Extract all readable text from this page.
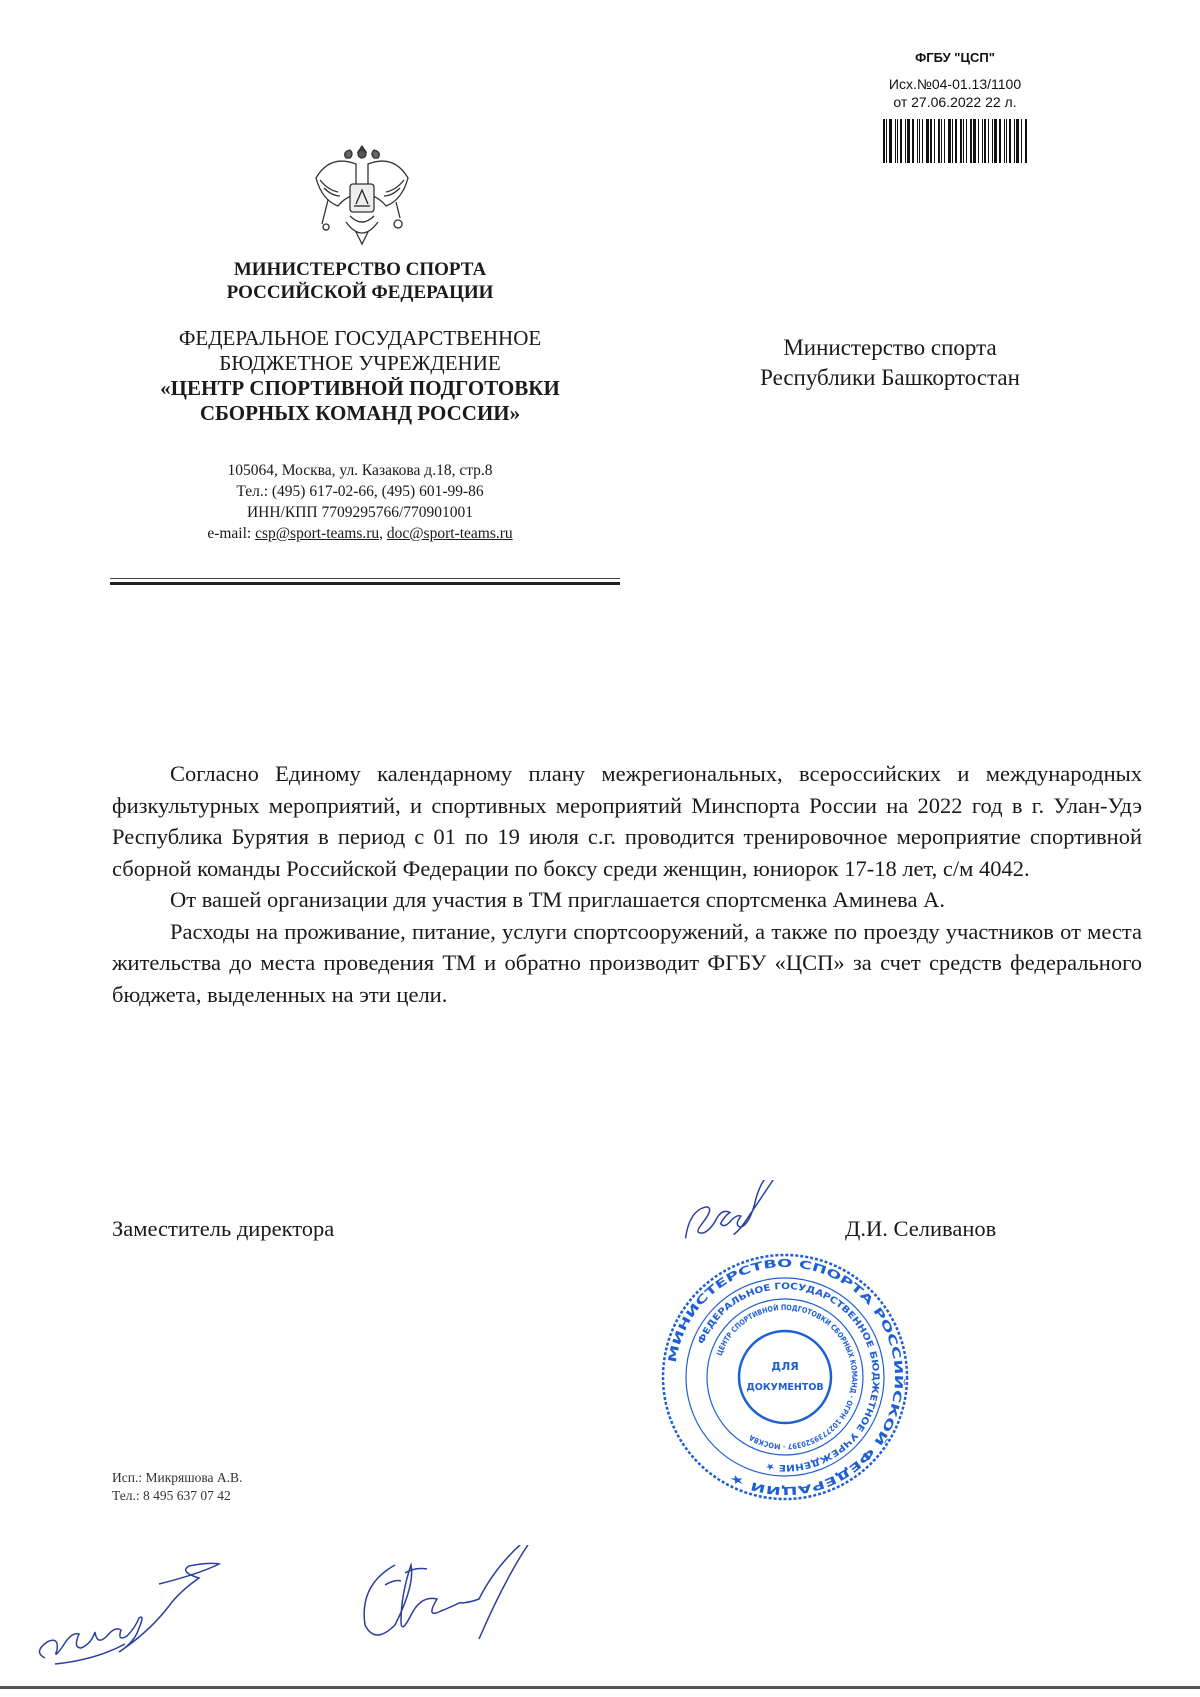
ФГБУ "ЦСП"
Исх.№04-01.13/1100
от 27.06.2022 22 л.
МИНИСТЕРСТВО СПОРТА
РОССИЙСКОЙ ФЕДЕРАЦИИ
ФЕДЕРАЛЬНОЕ ГОСУДАРСТВЕННОЕ
БЮДЖЕТНОЕ УЧРЕЖДЕНИЕ
«ЦЕНТР СПОРТИВНОЙ ПОДГОТОВКИ
СБОРНЫХ КОМАНД РОССИИ»
105064, Москва, ул. Казакова д.18, стр.8
Тел.: (495) 617-02-66, (495) 601-99-86
ИНН/КПП 7709295766/770901001
e-mail: csp@sport-teams.ru, doc@sport-teams.ru
Министерство спорта
Республики Башкортостан

Согласно Единому календарному плану межрегиональных, всероссийских и международных физкультурных мероприятий, и спортивных мероприятий Минспорта России на 2022 год в г. Улан-Удэ Республика Бурятия в период с 01 по 19 июля с.г. проводится тренировочное мероприятие спортивной сборной команды Российской Федерации по боксу среди женщин, юниорок 17-18 лет, с/м 4042.

От вашей организации для участия в ТМ приглашается спортсменка Аминева А.

Расходы на проживание, питание, услуги спортсооружений, а также по проезду участников от места жительства до места проведения ТМ и обратно производит ФГБУ «ЦСП» за счет средств федерального бюджета, выделенных на эти цели.

Заместитель директора
МИНИСТЕРСТВО СПОРТА РОССИЙСКОЙ ФЕДЕРАЦИИ ★
ФЕДЕРАЛЬНОЕ ГОСУДАРСТВЕННОЕ БЮДЖЕТНОЕ УЧРЕЖДЕНИЕ ★
ЦЕНТР СПОРТИВНОЙ ПОДГОТОВКИ СБОРНЫХ КОМАНД · ОГРН 1027739520397 · МОСКВА
ДЛЯ
ДОКУМЕНТОВ
Д.И. Селиванов
Исп.: Микряшова А.В.
Тел.: 8 495 637 07 42
